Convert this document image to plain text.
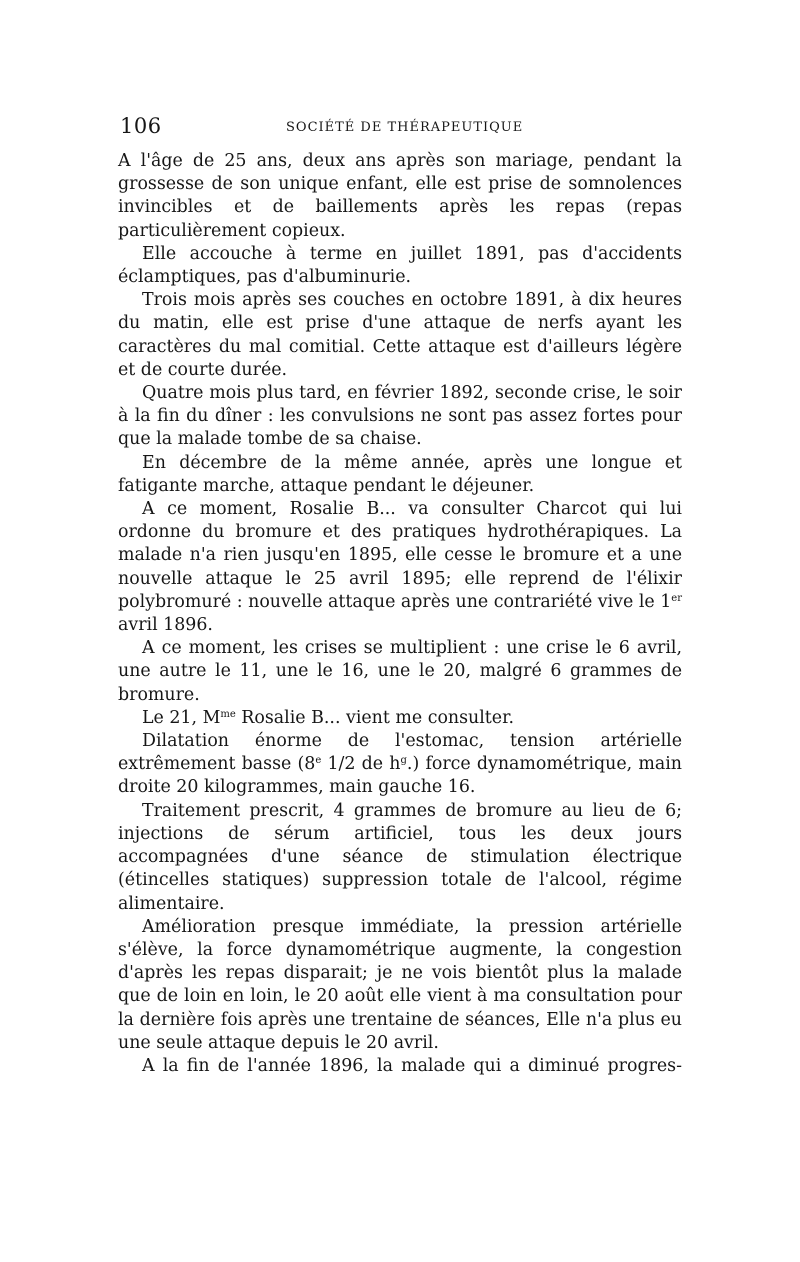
106	SOCIÉTÉ DE THÉRAPEUTIQUE

A l'âge de 25 ans, deux ans après son mariage, pendant la grossesse de son unique enfant, elle est prise de somnolences invincibles et de baillements après les repas (repas particulièrement copieux.

Elle accouche à terme en juillet 1891, pas d'accidents éclamptiques, pas d'albuminurie.

Trois mois après ses couches en octobre 1891, à dix heures du matin, elle est prise d'une attaque de nerfs ayant les caractères du mal comitial. Cette attaque est d'ailleurs légère et de courte durée.

Quatre mois plus tard, en février 1892, seconde crise, le soir à la fin du dîner : les convulsions ne sont pas assez fortes pour que la malade tombe de sa chaise.

En décembre de la même année, après une longue et fatigante marche, attaque pendant le déjeuner.

A ce moment, Rosalie B... va consulter Charcot qui lui ordonne du bromure et des pratiques hydrothérapiques. La malade n'a rien jusqu'en 1895, elle cesse le bromure et a une nouvelle attaque le 25 avril 1895; elle reprend de l'élixir polybromuré : nouvelle attaque après une contrariété vive le 1er avril 1896.

A ce moment, les crises se multiplient : une crise le 6 avril, une autre le 11, une le 16, une le 20, malgré 6 grammes de bromure.

Le 21, $M^{me}$ Rosalie B... vient me consulter.

Dilatation énorme de l'estomac, tension artérielle extrêmement basse (8e 1/2 de $h^g$.) force dynamométrique, main droite 20 kilogrammes, main gauche 16.

Traitement prescrit, 4 grammes de bromure au lieu de 6; injections de sérum artificiel, tous les deux jours accompagnées d'une séance de stimulation électrique (étincelles statiques) suppression totale de l'alcool, régime alimentaire.

Amélioration presque immédiate, la pression artérielle s'élève, la force dynamométrique augmente, la congestion d'après les repas disparait; je ne vois bientôt plus la malade que de loin en loin, le 20 août elle vient à ma consultation pour la dernière fois après une trentaine de séances, Elle n'a plus eu une seule attaque depuis le 20 avril.

A la fin de l'année 1896, la malade qui a diminué progres-
